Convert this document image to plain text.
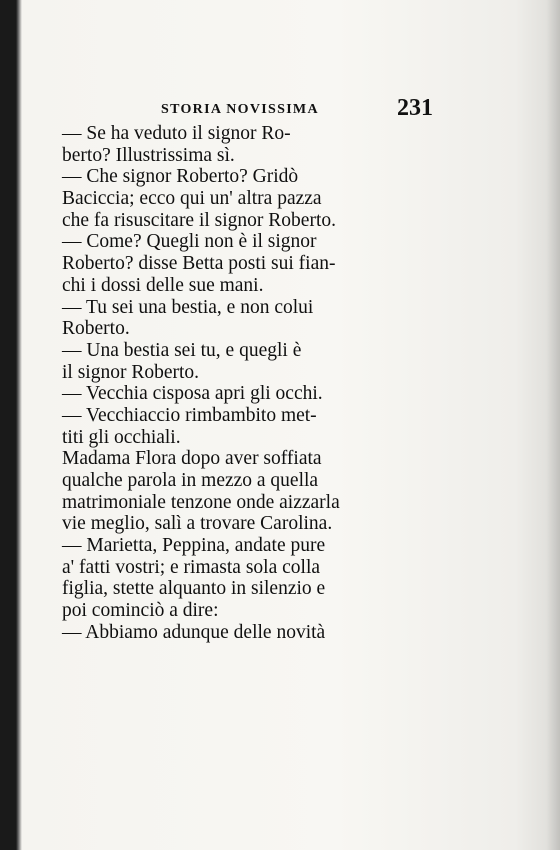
STORIA NOVISSIMA	231
— Se ha veduto il signor Ro-
berto? Illustrissima sì.
— Che signor Roberto? Gridò
Baciccia; ecco qui un' altra pazza
che fa risuscitare il signor Roberto.
— Come? Quegli non è il signor
Roberto? disse Betta posti sui fian-
chi i dossi delle sue mani.
— Tu sei una bestia, e non colui
Roberto.
— Una bestia sei tu, e quegli è
il signor Roberto.
— Vecchia cisposa apri gli occhi.
— Vecchiaccio rimbambito met-
titi gli occhiali.
Madama Flora dopo aver soffiata
qualche parola in mezzo a quella
matrimoniale tenzone onde aizzarla
vie meglio, salì a trovare Carolina.
— Marietta, Peppina, andate pure
a' fatti vostri; e rimasta sola colla
figlia, stette alquanto in silenzio e
poi cominciò a dire:
— Abbiamo adunque delle novità
